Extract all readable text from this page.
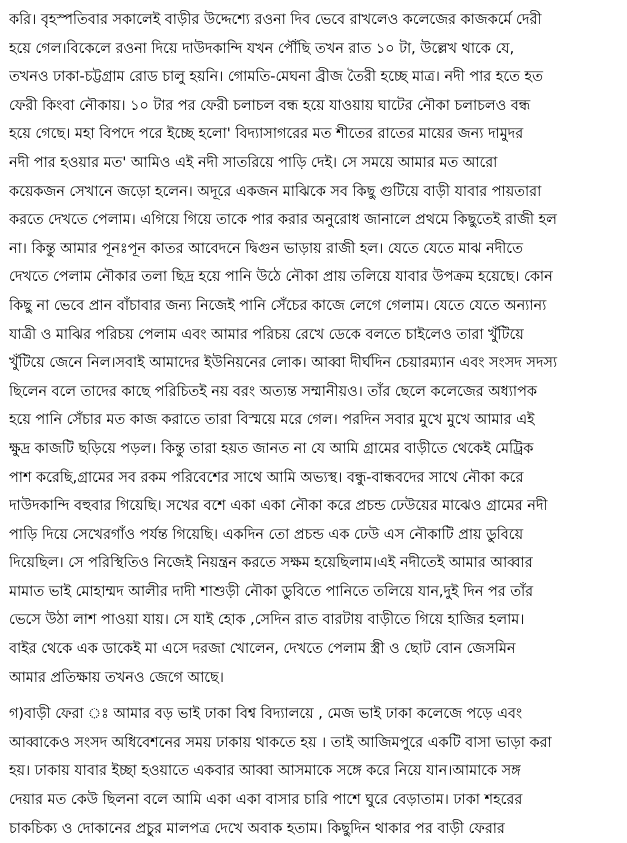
করি। বৃহস্পতিবার সকালেই বাড়ীর উদ্দেশ্যে রওনা দিব ভেবে রাখলেও কলেজের কাজকর্মে দেরী
হয়ে গেল।বিকেলে রওনা দিয়ে দাউদকান্দি যখন পৌঁছি তখন রাত ১০ টা, উল্লেখ থাকে যে,
তখনও ঢাকা-চট্টগ্রাম রোড চালু হয়নি। গোমতি-মেঘনা ব্রীজ তৈরী হচ্ছে মাত্র। নদী পার হতে হত
ফেরী কিংবা নৌকায়। ১০ টার পর ফেরী চলাচল বন্ধ হয়ে যাওয়ায় ঘাটের নৌকা চলাচলও বন্ধ
হয়ে গেছে। মহা বিপদে পরে ইচ্ছে হলো' বিদ্যাসাগরের মত শীতের রাতের মায়ের জন্য দামুদর
নদী পার হওয়ার মত' আমিও এই নদী সাতরিয়ে পাড়ি দেই। সে সময়ে আমার মত আরো
কয়েকজন সেখানে জড়ো হলেন। অদূরে একজন মাঝিকে সব কিছু গুটিয়ে বাড়ী যাবার পায়তারা
করতে দেখতে পেলাম। এগিয়ে গিয়ে তাকে পার করার অনুরোধ জানালে প্রথমে কিছুতেই রাজী হল
না। কিন্তু আমার পূনঃপূন কাতর আবেদনে দ্বিগুন ভাড়ায় রাজী হল। যেতে যেতে মাঝ নদীতে
দেখতে পেলাম নৌকার তলা ছিদ্র হয়ে পানি উঠে নৌকা প্রায় তলিয়ে যাবার উপক্রম হয়েছে। কোন
কিছু না ভেবে প্রান বাঁচাবার জন্য নিজেই পানি সেঁচের কাজে লেগে গেলাম। যেতে যেতে অন্যান্য
যাত্রী ও মাঝির পরিচয় পেলাম এবং আমার পরিচয় রেখে ডেকে বলতে চাইলেও তারা খুঁটিয়ে
খুঁটিয়ে জেনে নিল।সবাই আমাদের ইউনিয়নের লোক। আব্বা দীর্ঘদিন চেয়ারম্যান এবং সংসদ সদস্য
ছিলেন বলে তাদের কাছে পরিচিতই নয় বরং অত্যন্ত সম্মানীয়ও। তাঁর ছেলে কলেজের অধ্যাপক
হয়ে পানি সেঁচার মত কাজ করাতে তারা বিস্ময়ে মরে গেল। পরদিন সবার মুখে মুখে আমার এই
ক্ষুদ্র কাজটি ছড়িয়ে পড়ল। কিন্তু তারা হয়ত জানত না যে আমি গ্রামের বাড়ীতে থেকেই মেট্রিক
পাশ করেছি,গ্রামের সব রকম পরিবেশের সাথে আমি অভ্যস্থ। বন্ধু-বান্ধবদের সাথে নৌকা করে
দাউদকান্দি বহুবার গিয়েছি। সখের বশে একা একা নৌকা করে প্রচন্ড ঢেউয়ের মাঝেও গ্রামের নদী
পাড়ি দিয়ে সেখেরগাঁও পর্যন্ত গিয়েছি। একদিন তো প্রচন্ড এক ঢেউ এস নৌকাটি প্রায় ডুবিয়ে
দিয়েছিল। সে পরিস্থিতিও নিজেই নিয়ন্ত্রন করতে সক্ষম হয়েছিলাম।এই নদীতেই আমার আব্বার
মামাত ভাই মোহাম্মদ আলীর দাদী শাশুড়ী নৌকা ডুবিতে পানিতে তলিয়ে যান,দুই দিন পর তাঁর
ভেসে উঠা লাশ পাওয়া যায়। সে যাই হোক ,সেদিন রাত বারটায় বাড়ীতে গিয়ে হাজির হলাম।
বাইর থেকে এক ডাকেই মা এসে দরজা খোলেন, দেখতে পেলাম স্ত্রী ও ছোট বোন জেসমিন
আমার প্রতিক্ষায় তখনও জেগে আছে।
গ)বাড়ী ফেরা ঃ আমার বড় ভাই ঢাকা বিশ্ব বিদ্যালয়ে , মেজ ভাই ঢাকা কলেজে পড়ে এবং
আব্বাকেও সংসদ অধিবেশনের সময় ঢাকায় থাকতে হয় । তাই আজিমপুরে একটি বাসা ভাড়া করা
হয়। ঢাকায় যাবার ইচ্ছা হওয়াতে একবার আব্বা আসমাকে সঙ্গে করে নিয়ে যান।আমাকে সঙ্গ
দেয়ার মত কেউ ছিলনা বলে আমি একা একা বাসার চারি পাশে ঘুরে বেড়াতাম। ঢাকা শহরের
চাকচিক্য ও দোকানের প্রচুর মালপত্র দেখে অবাক হতাম। কিছুদিন থাকার পর বাড়ী ফেরার
